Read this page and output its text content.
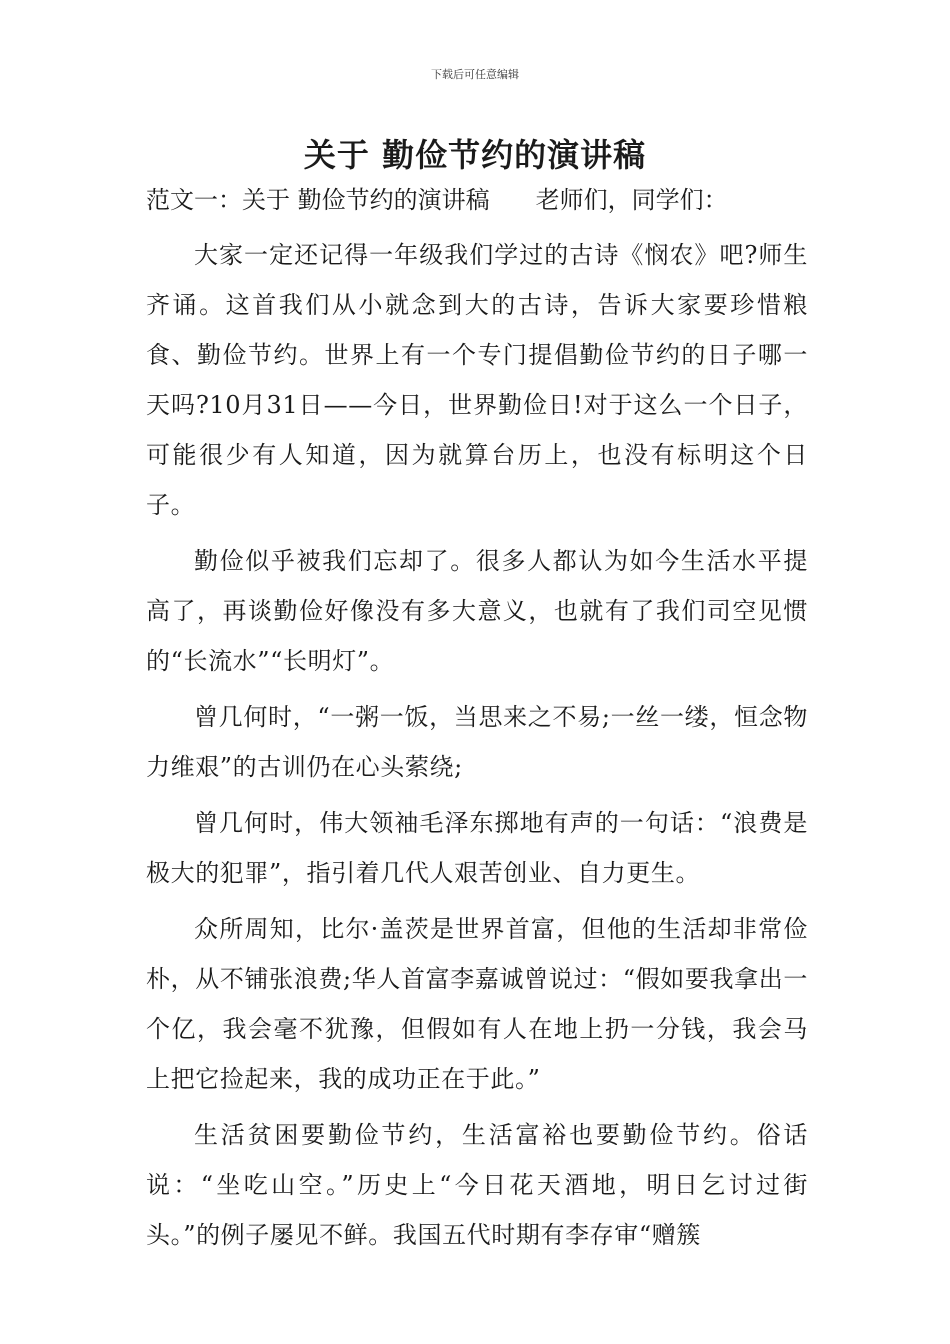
下载后可任意编辑
关于 勤俭节约的演讲稿

范文一：关于 勤俭节约的演讲稿 老师们，同学们：

大家一定还记得一年级我们学过的古诗《悯农》吧?师生齐诵。这首我们从小就念到大的古诗，告诉大家要珍惜粮食、勤俭节约。世界上有一个专门提倡勤俭节约的日子哪一天吗?10月31日——今日，世界勤俭日!对于这么一个日子，可能很少有人知道，因为就算台历上，也没有标明这个日子。

勤俭似乎被我们忘却了。很多人都认为如今生活水平提高了，再谈勤俭好像没有多大意义，也就有了我们司空见惯的“长流水”“长明灯”。

曾几何时，“一粥一饭，当思来之不易;一丝一缕，恒念物力维艰”的古训仍在心头萦绕;

曾几何时，伟大领袖毛泽东掷地有声的一句话：“浪费是极大的犯罪”，指引着几代人艰苦创业、自力更生。

众所周知，比尔·盖茨是世界首富，但他的生活却非常俭朴，从不铺张浪费;华人首富李嘉诚曾说过：“假如要我拿出一个亿，我会毫不犹豫，但假如有人在地上扔一分钱，我会马上把它捡起来，我的成功正在于此。”

生活贫困要勤俭节约，生活富裕也要勤俭节约。俗话说：“坐吃山空。”历史上“今日花天酒地，明日乞讨过街头。”的例子屡见不鲜。我国五代时期有李存审“赠簇
